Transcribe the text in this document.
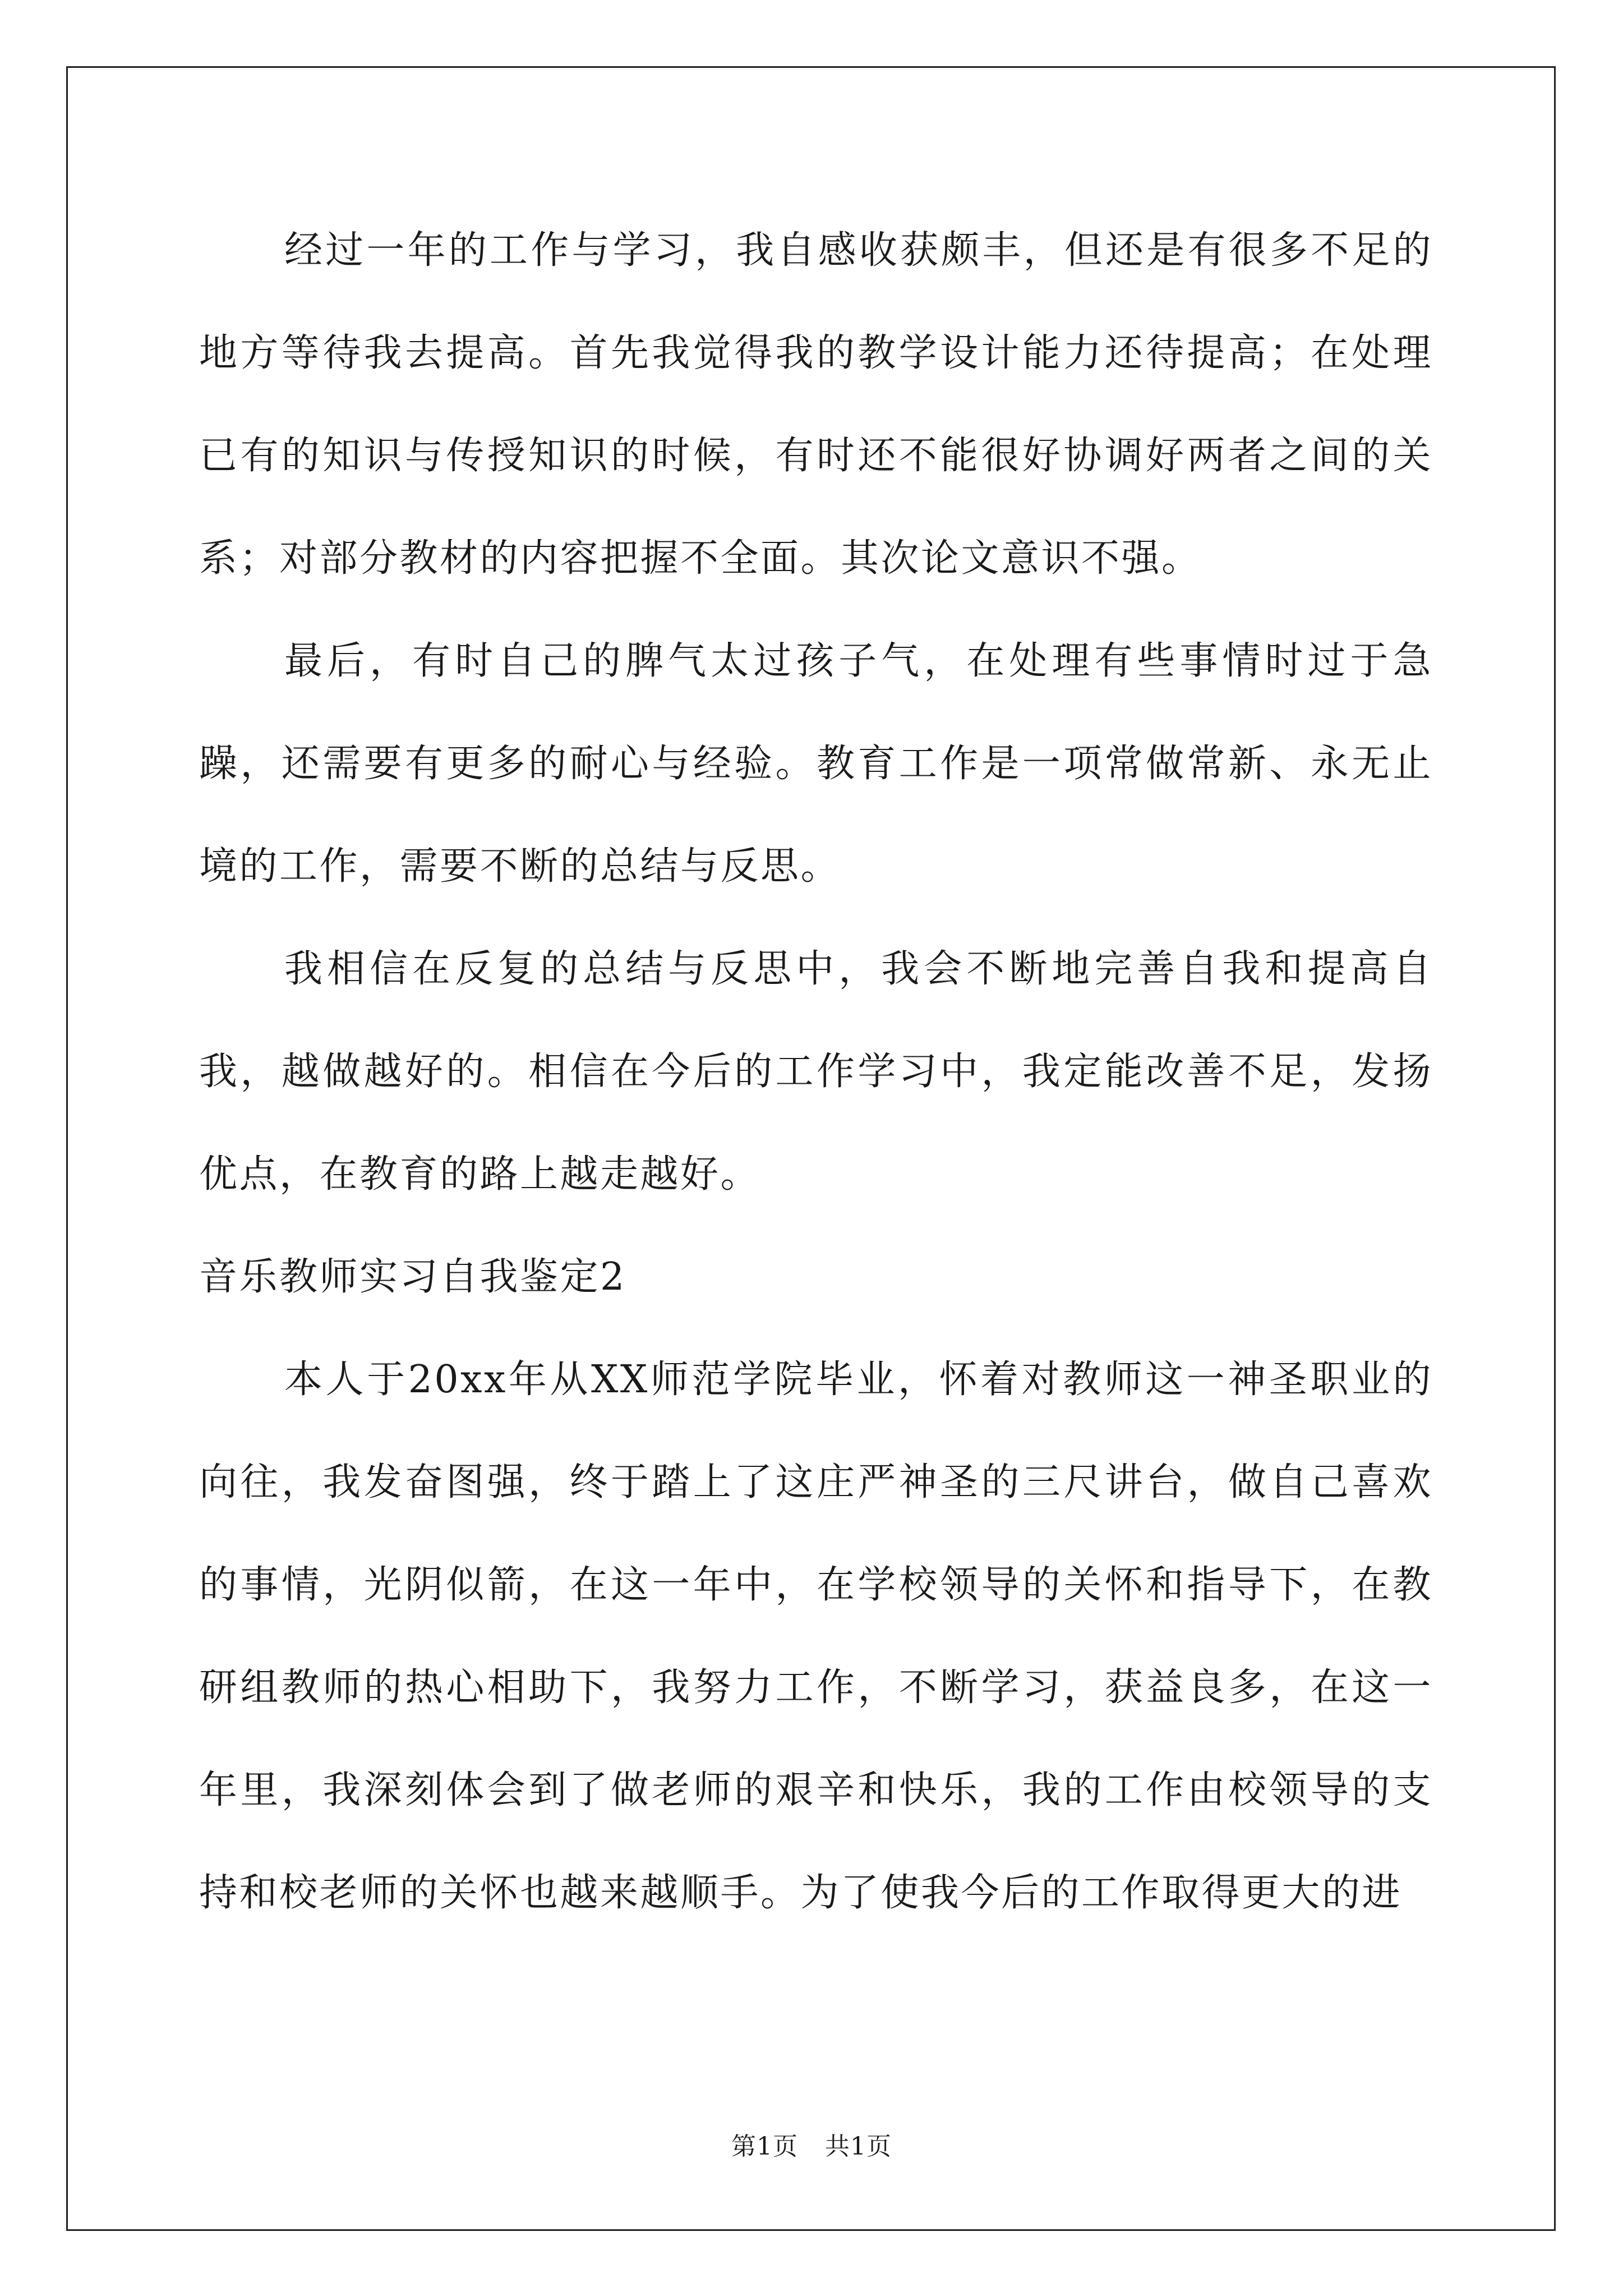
经过一年的工作与学习，我自感收获颇丰，但还是有很多不足的地方等待我去提高。首先我觉得我的教学设计能力还待提高；在处理已有的知识与传授知识的时候，有时还不能很好协调好两者之间的关系；对部分教材的内容把握不全面。其次论文意识不强。

最后，有时自己的脾气太过孩子气，在处理有些事情时过于急躁，还需要有更多的耐心与经验。教育工作是一项常做常新、永无止境的工作，需要不断的总结与反思。

我相信在反复的总结与反思中，我会不断地完善自我和提高自我，越做越好的。相信在今后的工作学习中，我定能改善不足，发扬优点，在教育的路上越走越好。

音乐教师实习自我鉴定2

本人于20xx年从XX师范学院毕业，怀着对教师这一神圣职业的向往，我发奋图强，终于踏上了这庄严神圣的三尺讲台，做自己喜欢的事情，光阴似箭，在这一年中，在学校领导的关怀和指导下，在教研组教师的热心相助下，我努力工作，不断学习，获益良多，在这一年里，我深刻体会到了做老师的艰辛和快乐，我的工作由校领导的支持和校老师的关怀也越来越顺手。为了使我今后的工作取得更大的进

第1页 共1页
